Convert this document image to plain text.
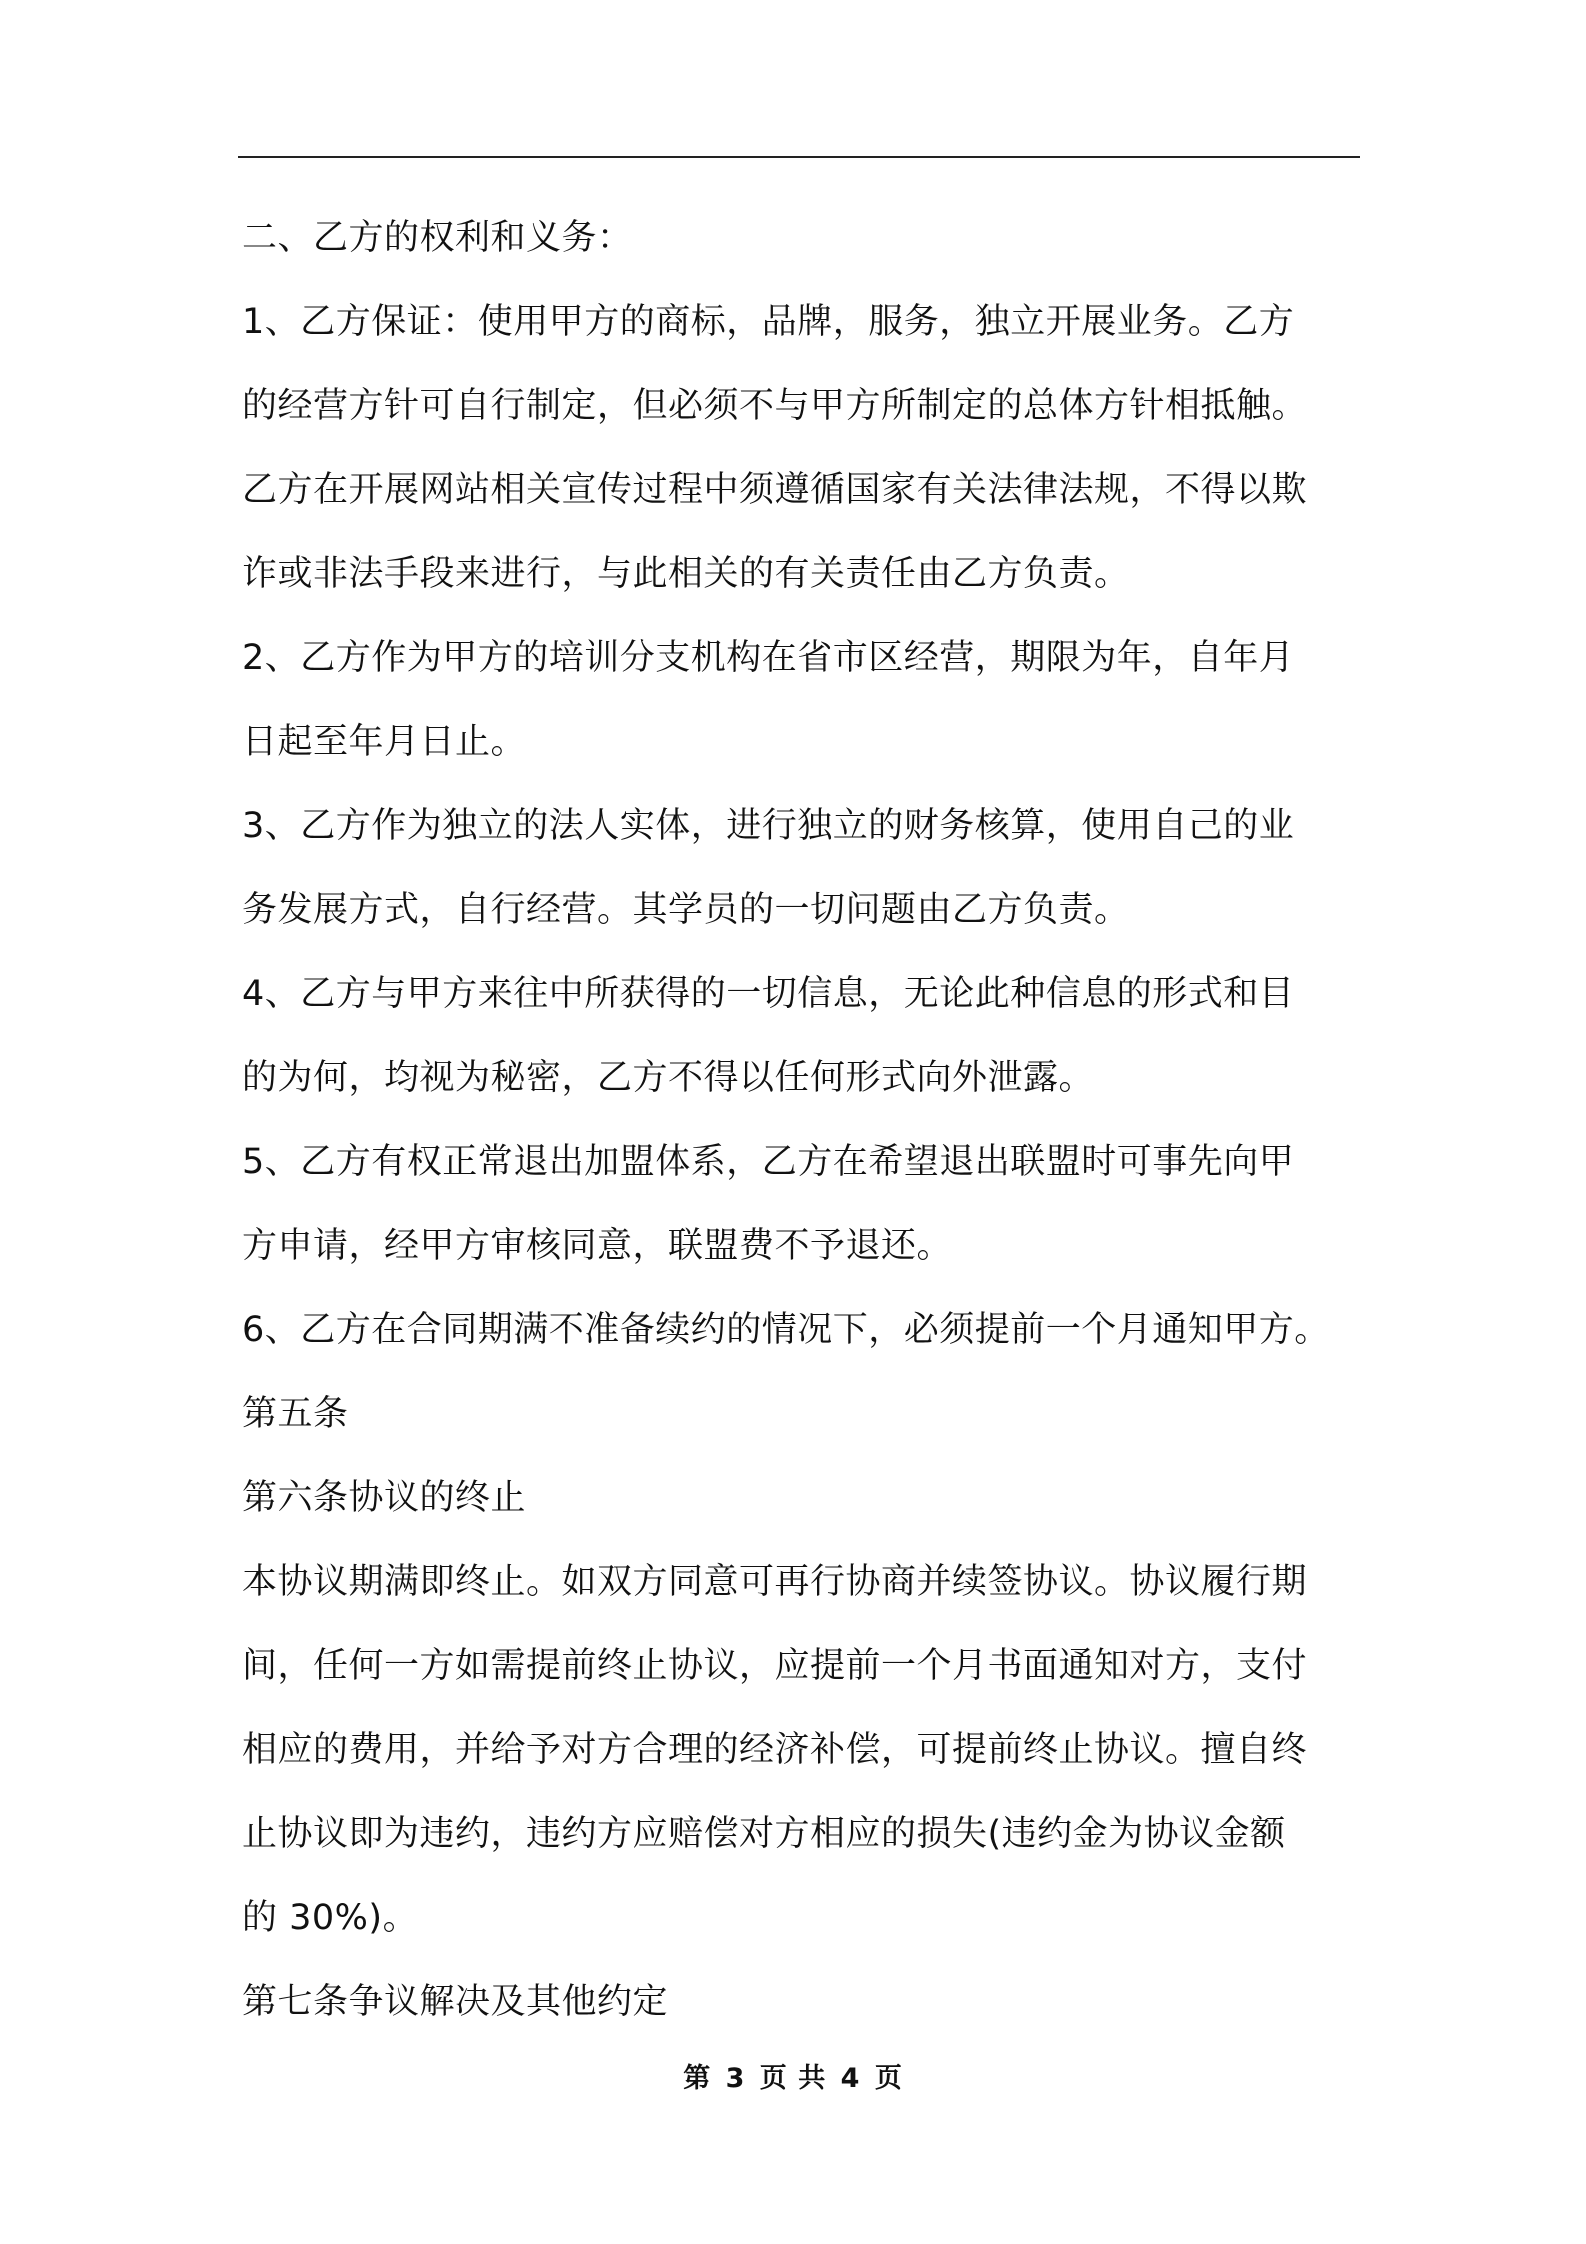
二、乙方的权利和义务：
1、乙方保证：使用甲方的商标，品牌，服务，独立开展业务。乙方
的经营方针可自行制定，但必须不与甲方所制定的总体方针相抵触。
乙方在开展网站相关宣传过程中须遵循国家有关法律法规，不得以欺
诈或非法手段来进行，与此相关的有关责任由乙方负责。
2、乙方作为甲方的培训分支机构在省市区经营，期限为年，自年月
日起至年月日止。
3、乙方作为独立的法人实体，进行独立的财务核算，使用自己的业
务发展方式，自行经营。其学员的一切问题由乙方负责。
4、乙方与甲方来往中所获得的一切信息，无论此种信息的形式和目
的为何，均视为秘密，乙方不得以任何形式向外泄露。
5、乙方有权正常退出加盟体系，乙方在希望退出联盟时可事先向甲
方申请，经甲方审核同意，联盟费不予退还。
6、乙方在合同期满不准备续约的情况下，必须提前一个月通知甲方。
第五条
第六条协议的终止
本协议期满即终止。如双方同意可再行协商并续签协议。协议履行期
间，任何一方如需提前终止协议，应提前一个月书面通知对方，支付
相应的费用，并给予对方合理的经济补偿，可提前终止协议。擅自终
止协议即为违约，违约方应赔偿对方相应的损失(违约金为协议金额
的 30%)。
第七条争议解决及其他约定
第 3 页 共 4 页
